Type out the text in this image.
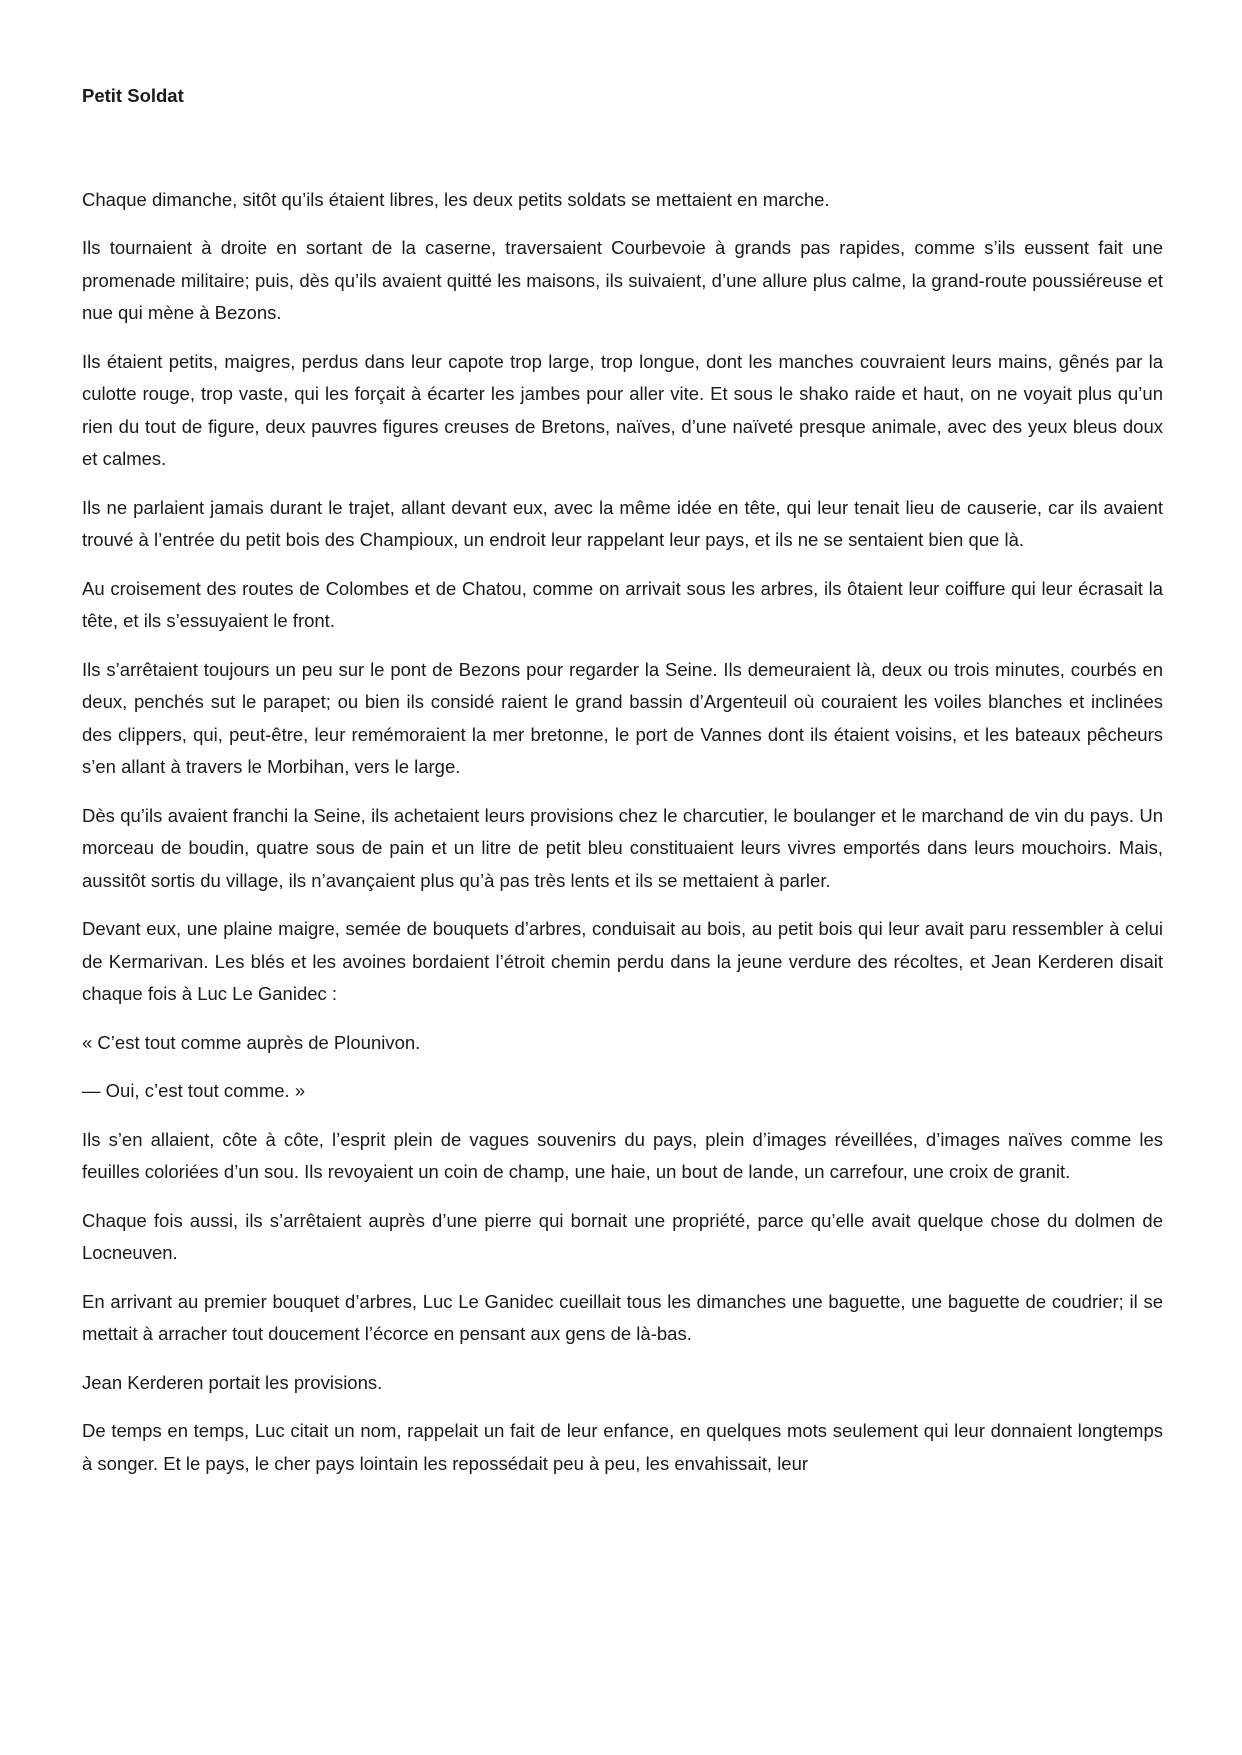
Petit Soldat

Chaque dimanche, sitôt qu’ils étaient libres, les deux petits soldats se mettaient en marche.

Ils tournaient à droite en sortant de la caserne, traversaient Courbevoie à grands pas rapides, comme s’ils eussent fait une promenade militaire; puis, dès qu’ils avaient quitté les maisons, ils suivaient, d’une allure plus calme, la grand-route poussiéreuse et nue qui mène à Bezons.

Ils étaient petits, maigres, perdus dans leur capote trop large, trop longue, dont les manches couvraient leurs mains, gênés par la culotte rouge, trop vaste, qui les forçait à écarter les jambes pour aller vite. Et sous le shako raide et haut, on ne voyait plus qu’un rien du tout de figure, deux pauvres figures creuses de Bretons, naïves, d’une naïveté presque animale, avec des yeux bleus doux et calmes.

Ils ne parlaient jamais durant le trajet, allant devant eux, avec la même idée en tête, qui leur tenait lieu de causerie, car ils avaient trouvé à l’entrée du petit bois des Champioux, un endroit leur rappelant leur pays, et ils ne se sentaient bien que là.

Au croisement des routes de Colombes et de Chatou, comme on arrivait sous les arbres, ils ôtaient leur coiffure qui leur écrasait la tête, et ils s’essuyaient le front.

Ils s’arrêtaient toujours un peu sur le pont de Bezons pour regarder la Seine. Ils demeuraient là, deux ou trois minutes, courbés en deux, penchés sut le parapet; ou bien ils considé raient le grand bassin d’Argenteuil où couraient les voiles blanches et inclinées des clippers, qui, peut-être, leur remémoraient la mer bretonne, le port de Vannes dont ils étaient voisins, et les bateaux pêcheurs s’en allant à travers le Morbihan, vers le large.

Dès qu’ils avaient franchi la Seine, ils achetaient leurs provisions chez le charcutier, le boulanger et le marchand de vin du pays. Un morceau de boudin, quatre sous de pain et un litre de petit bleu constituaient leurs vivres emportés dans leurs mouchoirs. Mais, aussitôt sortis du village, ils n’avançaient plus qu’à pas très lents et ils se mettaient à parler.

Devant eux, une plaine maigre, semée de bouquets d’arbres, conduisait au bois, au petit bois qui leur avait paru ressembler à celui de Kermarivan. Les blés et les avoines bordaient l’étroit chemin perdu dans la jeune verdure des récoltes, et Jean Kerderen disait chaque fois à Luc Le Ganidec :

« C’est tout comme auprès de Plounivon.

— Oui, c’est tout comme. »

Ils s’en allaient, côte à côte, l’esprit plein de vagues souvenirs du pays, plein d’images réveillées, d’images naïves comme les feuilles coloriées d’un sou. Ils revoyaient un coin de champ, une haie, un bout de lande, un carrefour, une croix de granit.

Chaque fois aussi, ils s’arrêtaient auprès d’une pierre qui bornait une propriété, parce qu’elle avait quelque chose du dolmen de Locneuven.

En arrivant au premier bouquet d’arbres, Luc Le Ganidec cueillait tous les dimanches une baguette, une baguette de coudrier; il se mettait à arracher tout doucement l’écorce en pensant aux gens de là-bas.

Jean Kerderen portait les provisions.

De temps en temps, Luc citait un nom, rappelait un fait de leur enfance, en quelques mots seulement qui leur donnaient longtemps à songer. Et le pays, le cher pays lointain les repossédait peu à peu, les envahissait, leur
